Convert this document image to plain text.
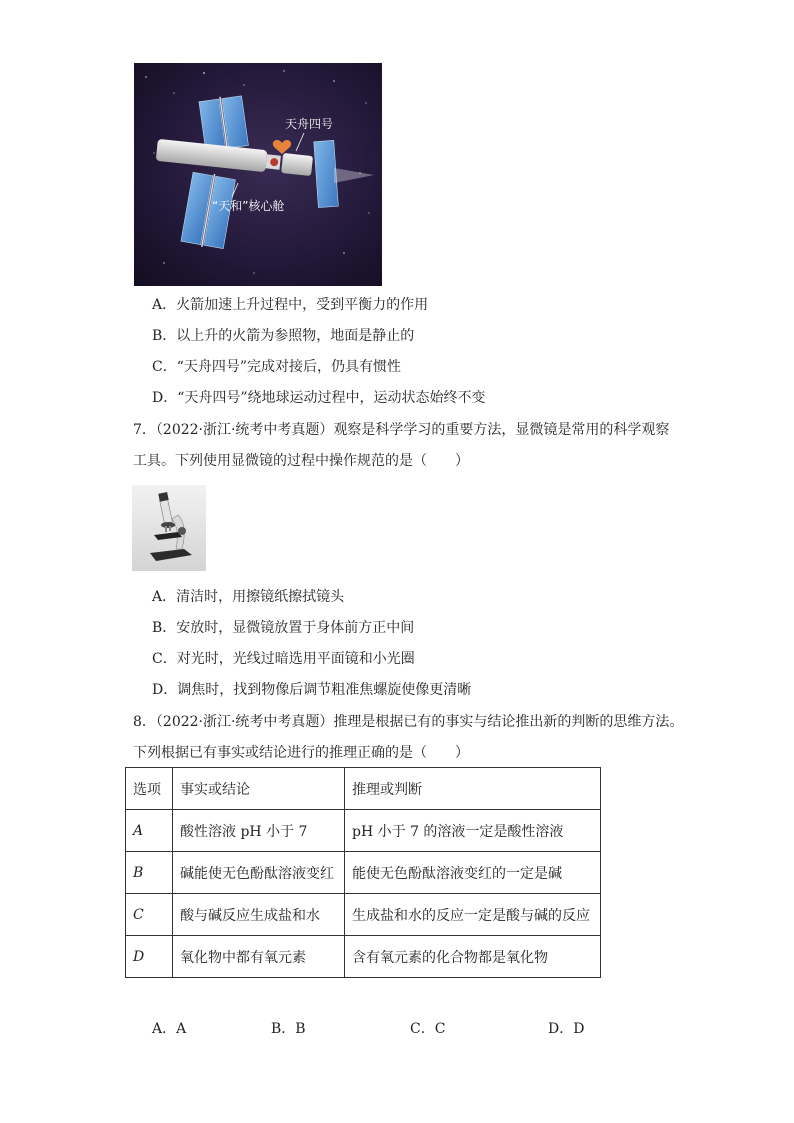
天舟四号
“天和”核心舱
A．火箭加速上升过程中，受到平衡力的作用
B．以上升的火箭为参照物，地面是静止的
C．“天舟四号”完成对接后，仍具有惯性
D．“天舟四号”绕地球运动过程中，运动状态始终不变
7．（2022·浙江·统考中考真题）观察是科学学习的重要方法，显微镜是常用的科学观察
工具。下列使用显微镜的过程中操作规范的是（　　）
A．清洁时，用擦镜纸擦拭镜头
B．安放时，显微镜放置于身体前方正中间
C．对光时，光线过暗选用平面镜和小光圈
D．调焦时，找到物像后调节粗准焦螺旋使像更清晰
8．（2022·浙江·统考中考真题）推理是根据已有的事实与结论推出新的判断的思维方法。
下列根据已有事实或结论进行的推理正确的是（　　）
选项	事实或结论	推理或判断
A	酸性溶液 pH 小于 7	pH 小于 7 的溶液一定是酸性溶液
B	碱能使无色酚酞溶液变红	能使无色酚酞溶液变红的一定是碱
C	酸与碱反应生成盐和水	生成盐和水的反应一定是酸与碱的反应
D	氧化物中都有氧元素	含有氧元素的化合物都是氧化物
A．A	B．B	C．C	D．D
